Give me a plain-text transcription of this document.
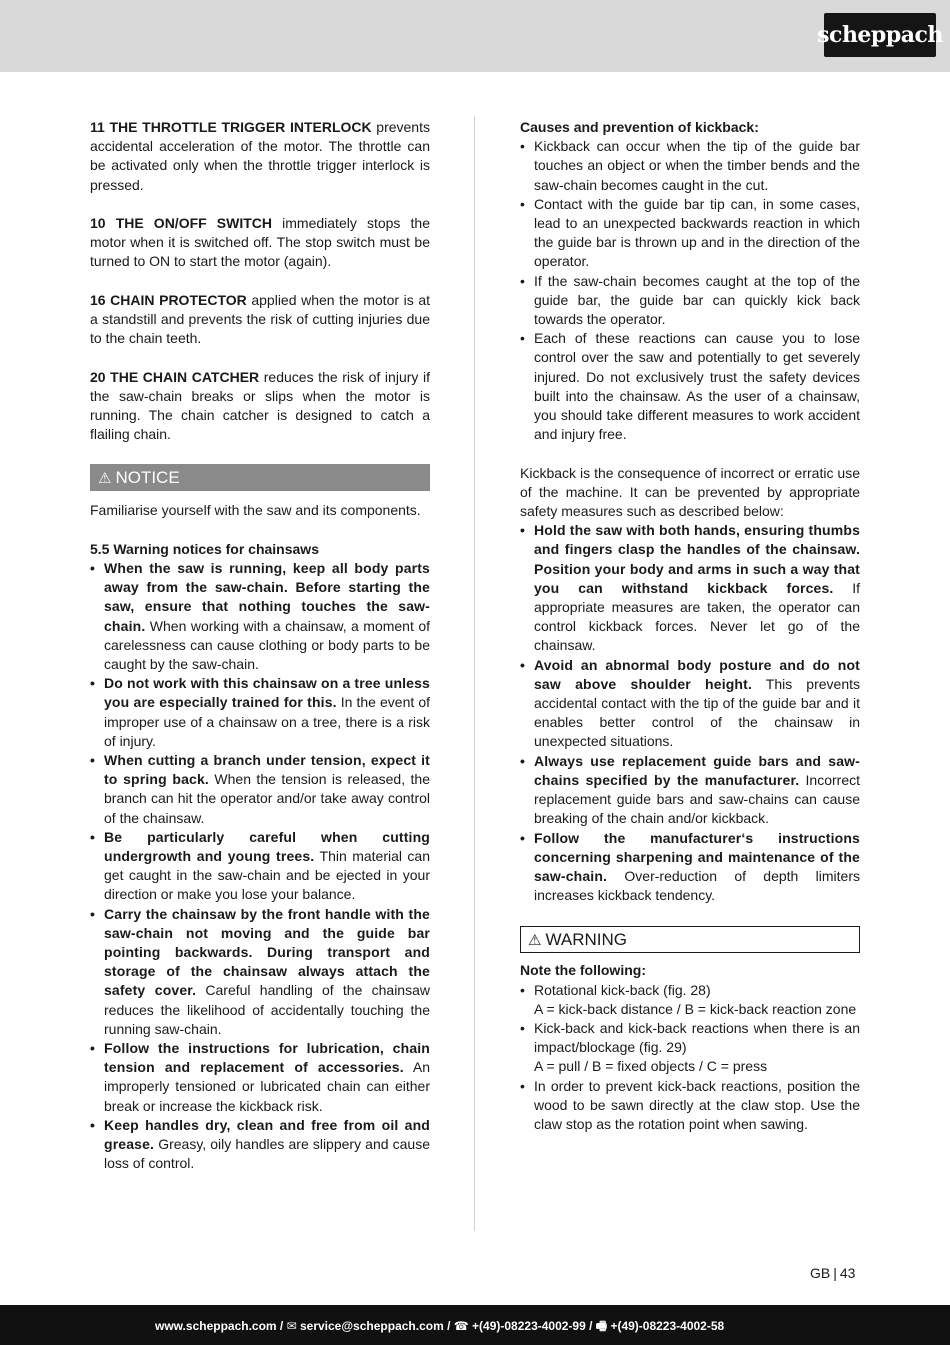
scheppach

11 THE THROTTLE TRIGGER INTERLOCK prevents accidental acceleration of the motor. The throttle can be activated only when the throttle trigger interlock is pressed.

10 THE ON/OFF SWITCH immediately stops the motor when it is switched off. The stop switch must be turned to ON to start the motor (again).

16 CHAIN PROTECTOR applied when the motor is at a standstill and prevents the risk of cutting injuries due to the chain teeth.

20 THE CHAIN CATCHER reduces the risk of injury if the saw-chain breaks or slips when the motor is running. The chain catcher is designed to catch a flailing chain.

⚠ NOTICE

Familiarise yourself with the saw and its components.

5.5 Warning notices for chainsaws
• When the saw is running, keep all body parts away from the saw-chain. Before starting the saw, ensure that nothing touches the saw-chain. When working with a chainsaw, a moment of carelessness can cause clothing or body parts to be caught by the saw-chain.
• Do not work with this chainsaw on a tree unless you are especially trained for this. In the event of improper use of a chainsaw on a tree, there is a risk of injury.
• When cutting a branch under tension, expect it to spring back. When the tension is released, the branch can hit the operator and/or take away control of the chainsaw.
• Be particularly careful when cutting undergrowth and young trees. Thin material can get caught in the saw-chain and be ejected in your direction or make you lose your balance.
• Carry the chainsaw by the front handle with the saw-chain not moving and the guide bar pointing backwards. During transport and storage of the chainsaw always attach the safety cover. Careful handling of the chainsaw reduces the likelihood of accidentally touching the running saw-chain.
• Follow the instructions for lubrication, chain tension and replacement of accessories. An improperly tensioned or lubricated chain can either break or increase the kickback risk.
• Keep handles dry, clean and free from oil and grease. Greasy, oily handles are slippery and cause loss of control.
Causes and prevention of kickback:
• Kickback can occur when the tip of the guide bar touches an object or when the timber bends and the saw-chain becomes caught in the cut.
• Contact with the guide bar tip can, in some cases, lead to an unexpected backwards reaction in which the guide bar is thrown up and in the direction of the operator.
• If the saw-chain becomes caught at the top of the guide bar, the guide bar can quickly kick back towards the operator.
• Each of these reactions can cause you to lose control over the saw and potentially to get severely injured. Do not exclusively trust the safety devices built into the chainsaw. As the user of a chainsaw, you should take different measures to work accident and injury free.

Kickback is the consequence of incorrect or erratic use of the machine. It can be prevented by appropriate safety measures such as described below:

• Hold the saw with both hands, ensuring thumbs and fingers clasp the handles of the chainsaw. Position your body and arms in such a way that you can withstand kickback forces. If appropriate measures are taken, the operator can control kickback forces. Never let go of the chainsaw.
• Avoid an abnormal body posture and do not saw above shoulder height. This prevents accidental contact with the tip of the guide bar and it enables better control of the chainsaw in unexpected situations.
• Always use replacement guide bars and saw-chains specified by the manufacturer. Incorrect replacement guide bars and saw-chains can cause breaking of the chain and/or kickback.
• Follow the manufacturer‘s instructions concerning sharpening and maintenance of the saw-chain. Over-reduction of depth limiters increases kickback tendency.
⚠ WARNING
Note the following:
• Rotational kick-back (fig. 28)
A = kick-back distance / B = kick-back reaction zone
• Kick-back and kick-back reactions when there is an impact/blockage (fig. 29)
A = pull / B = fixed objects / C = press
• In order to prevent kick-back reactions, position the wood to be sawn directly at the claw stop. Use the claw stop as the rotation point when sawing.
GB | 43
www.scheppach.com / ✉ service@scheppach.com / ☎ +(49)-08223-4002-99 / 🖷 +(49)-08223-4002-58
